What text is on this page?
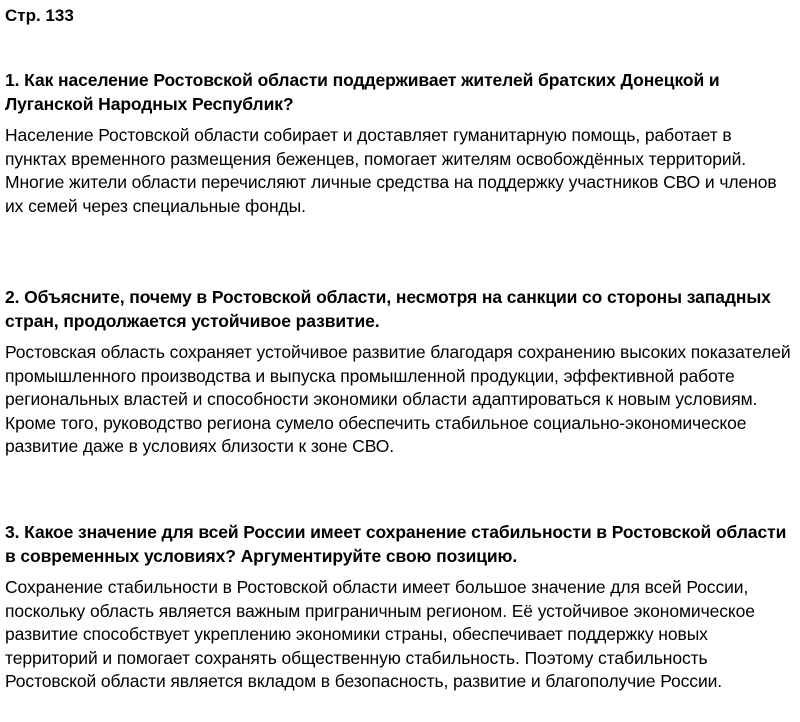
Стр. 133

1. Как население Ростовской области поддерживает жителей братских Донецкой и Луганской Народных Республик?

Население Ростовской области собирает и доставляет гуманитарную помощь, работает в пунктах временного размещения беженцев, помогает жителям освобождённых территорий. Многие жители области перечисляют личные средства на поддержку участников СВО и членов их семей через специальные фонды.

2. Объясните, почему в Ростовской области, несмотря на санкции со стороны западных стран, продолжается устойчивое развитие.

Ростовская область сохраняет устойчивое развитие благодаря сохранению высоких показателей промышленного производства и выпуска промышленной продукции, эффективной работе региональных властей и способности экономики области адаптироваться к новым условиям. Кроме того, руководство региона сумело обеспечить стабильное социально-экономическое развитие даже в условиях близости к зоне СВО.

3. Какое значение для всей России имеет сохранение стабильности в Ростовской области в современных условиях? Аргументируйте свою позицию.

Сохранение стабильности в Ростовской области имеет большое значение для всей России, поскольку область является важным приграничным регионом. Её устойчивое экономическое развитие способствует укреплению экономики страны, обеспечивает поддержку новых территорий и помогает сохранять общественную стабильность. Поэтому стабильность Ростовской области является вкладом в безопасность, развитие и благополучие России.
